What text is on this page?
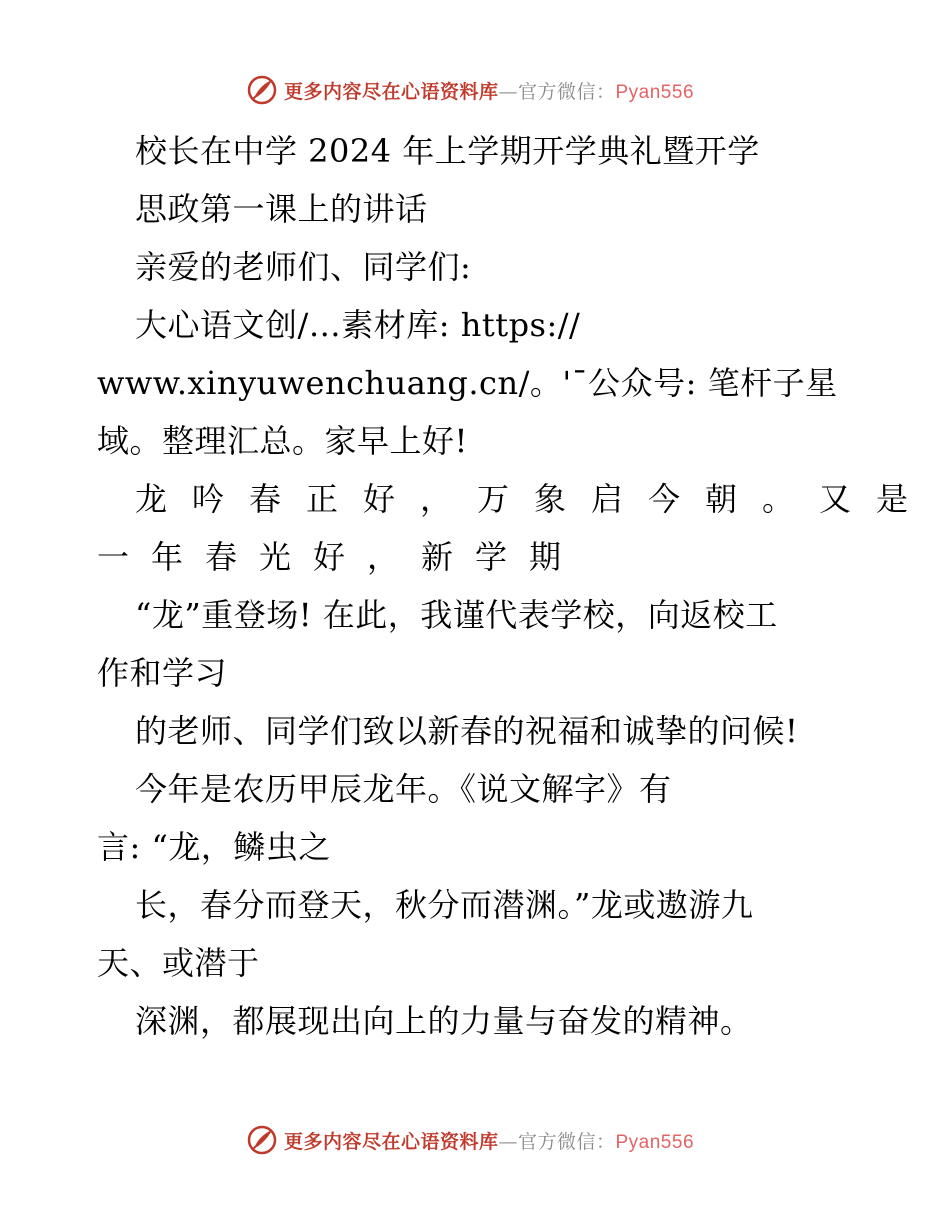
更多内容尽在心语资料库—官方微信：Pyan556
校长在中学 2024 年上学期开学典礼暨开学
思政第一课上的讲话
亲爱的老师们、同学们:
大心语文创/…素材库: https://
www.xinyuwenchuang.cn/。'¯公众号: 笔杆子星
域。整理汇总。家早上好!
龙吟春正好，万象启今朝。又是
一年春光好，新学期
“龙”重登场! 在此，我谨代表学校，向返校工
作和学习
的老师、同学们致以新春的祝福和诚挚的问候!
今年是农历甲辰龙年。《说文解字》有
言: “龙，鳞虫之
长，春分而登天，秋分而潜渊。”龙或遨游九
天、或潜于
深渊，都展现出向上的力量与奋发的精神。
更多内容尽在心语资料库—官方微信：Pyan556
